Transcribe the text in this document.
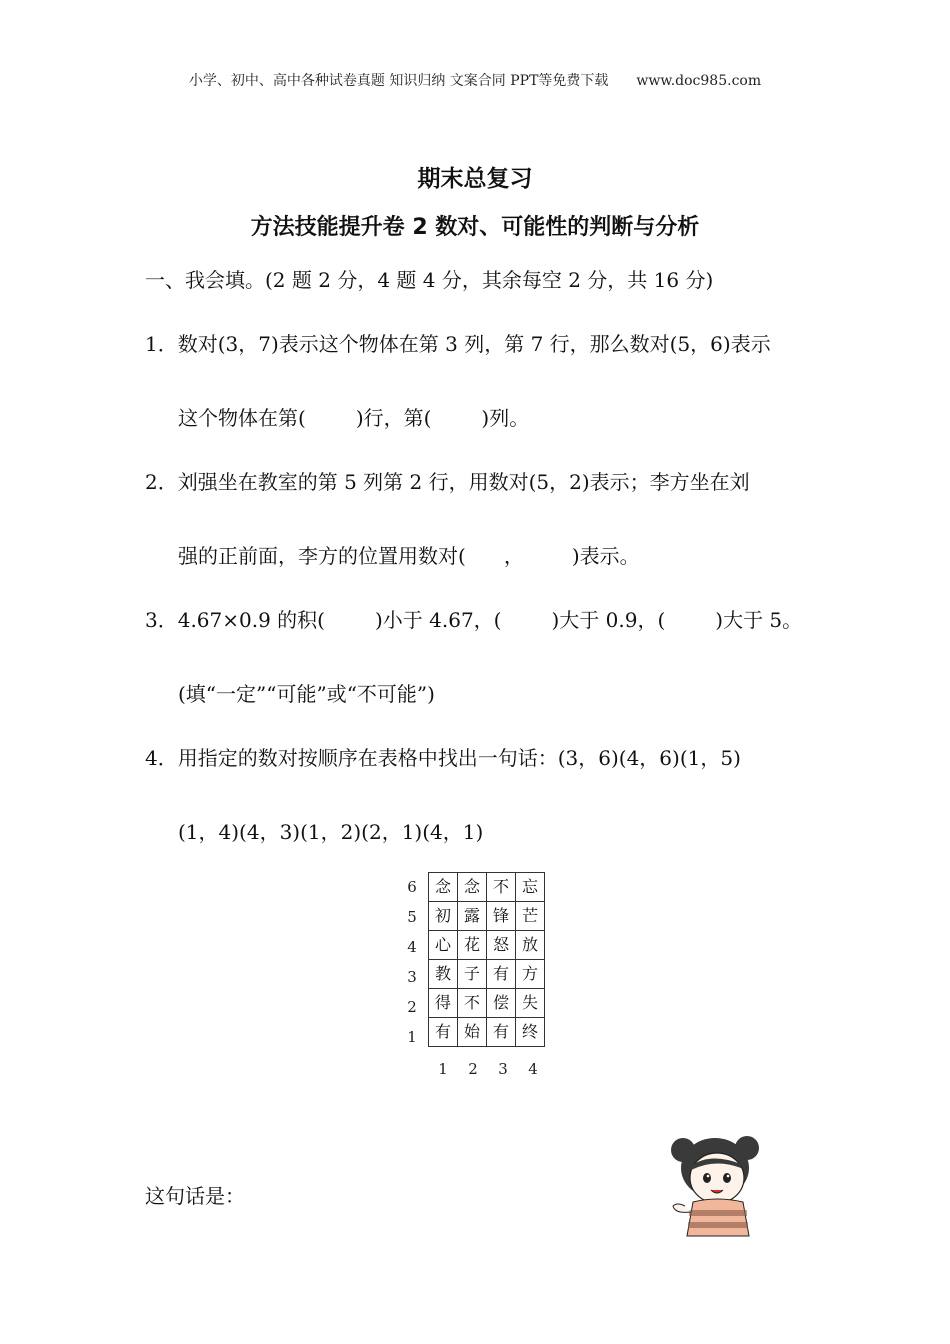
小学、初中、高中各种试卷真题 知识归纳 文案合同 PPT等免费下载 www.doc985.com
期末总复习
方法技能提升卷 2 数对、可能性的判断与分析
一、我会填。(2 题 2 分，4 题 4 分，其余每空 2 分，共 16 分)
1．数对(3，7)表示这个物体在第 3 列，第 7 行，那么数对(5，6)表示
这个物体在第(	)行，第(	)列。
2．刘强坐在教室的第 5 列第 2 行，用数对(5，2)表示；李方坐在刘
强的正前面，李方的位置用数对( ， )表示。
3．4.67×0.9 的积(	)小于 4.67，(	)大于 0.9，(	)大于 5。
(填“一定”“可能”或“不可能”)
4．用指定的数对按顺序在表格中找出一句话：(3，6)(4，6)(1，5)
(1，4)(4，3)(1，2)(2，1)(4，1)
6
5
4
3
2
1
念	念	不	忘
初	露	锋	芒
心	花	怒	放
教	子	有	方
得	不	偿	失
有	始	有	终
1	2	3	4
这句话是：
